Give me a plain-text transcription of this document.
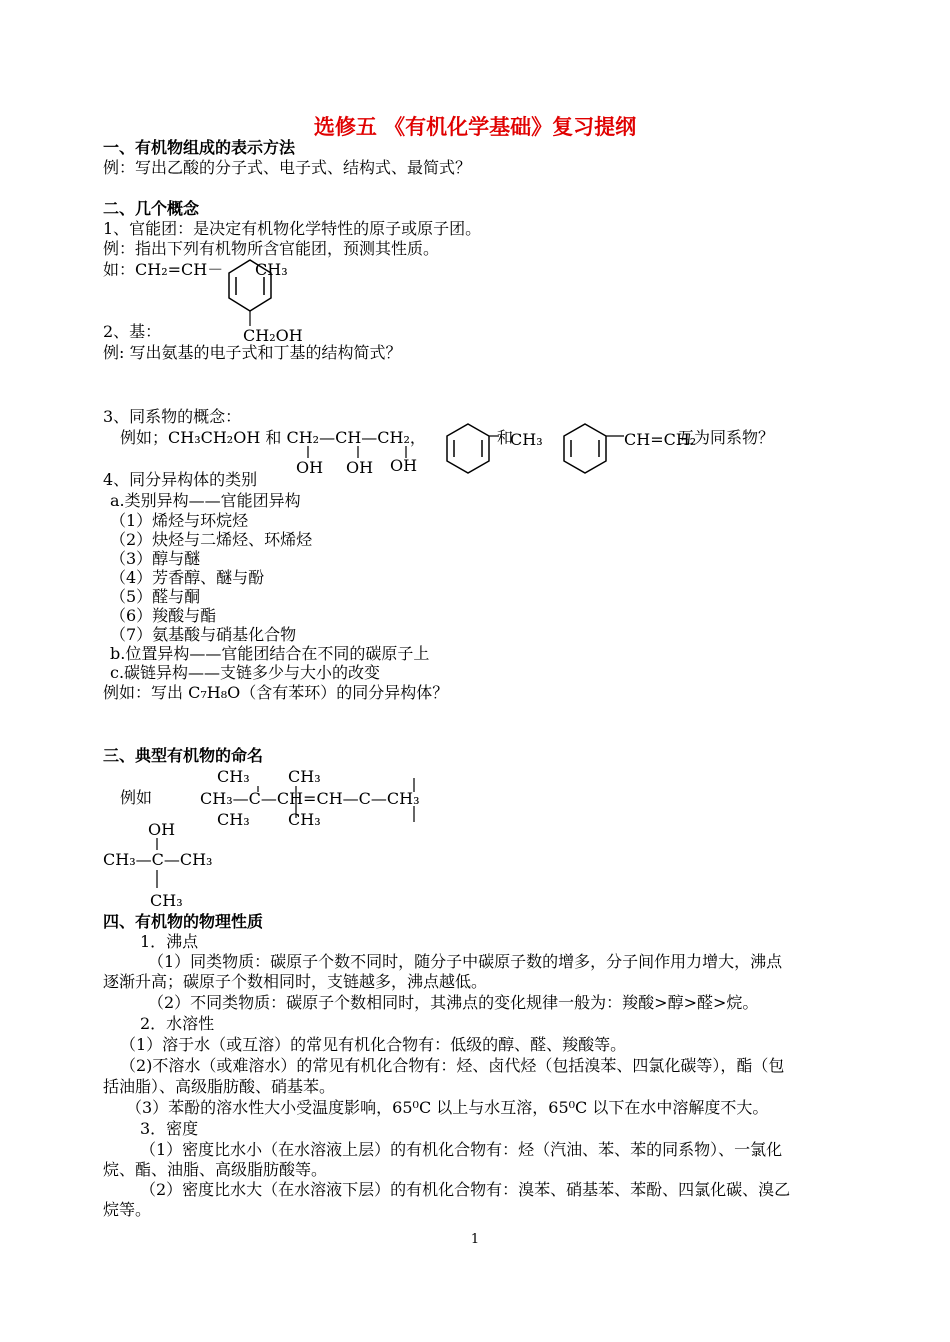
选修五 《有机化学基础》复习提纲
一、有机物组成的表示方法
例：写出乙酸的分子式、电子式、结构式、最简式？
二、几个概念
1、官能团：是决定有机物化学特性的原子或原子团。
例：指出下列有机物所含官能团，预测其性质。
如：CH₂=CH－ CH₃
CH₂OH
2、基：
例: 写出氨基的电子式和丁基的结构简式？
3、同系物的概念：
例如；CH₃CH₂OH 和 CH₂—CH—CH₂，
OH OH OH
和
CH₃	CH=CH₂
互为同系物？
4、同分异构体的类别
a.类别异构——官能团异构
（1）烯烃与环烷烃
（2）炔烃与二烯烃、环烯烃
（3）醇与醚
（4）芳香醇、醚与酚
（5）醛与酮
（6）羧酸与酯
（7）氨基酸与硝基化合物
b.位置异构——官能团结合在不同的碳原子上
c.碳链异构——支链多少与大小的改变
例如：写出 C₇H₈O（含有苯环）的同分异构体？
三、典型有机物的命名
CH₃ CH₃
例如	CH₃—C—CH=CH—C—CH₃
CH₃ CH₃
OH
CH₃—C—CH₃
CH₃
四、有机物的物理性质
1．沸点
（1）同类物质：碳原子个数不同时，随分子中碳原子数的增多，分子间作用力增大，沸点
逐渐升高；碳原子个数相同时，支链越多，沸点越低。
（2）不同类物质：碳原子个数相同时，其沸点的变化规律一般为：羧酸>醇>醛>烷。
2．水溶性
（1）溶于水（或互溶）的常见有机化合物有：低级的醇、醛、羧酸等。
（2)不溶水（或难溶水）的常见有机化合物有：烃、卤代烃（包括溴苯、四氯化碳等），酯（包
括油脂）、高级脂肪酸、硝基苯。
（3）苯酚的溶水性大小受温度影响，65⁰C 以上与水互溶，65⁰C 以下在水中溶解度不大。
3．密度
（1）密度比水小（在水溶液上层）的有机化合物有：烃（汽油、苯、苯的同系物）、一氯化
烷、酯、油脂、高级脂肪酸等。
（2）密度比水大（在水溶液下层）的有机化合物有：溴苯、硝基苯、苯酚、四氯化碳、溴乙
烷等。
1
